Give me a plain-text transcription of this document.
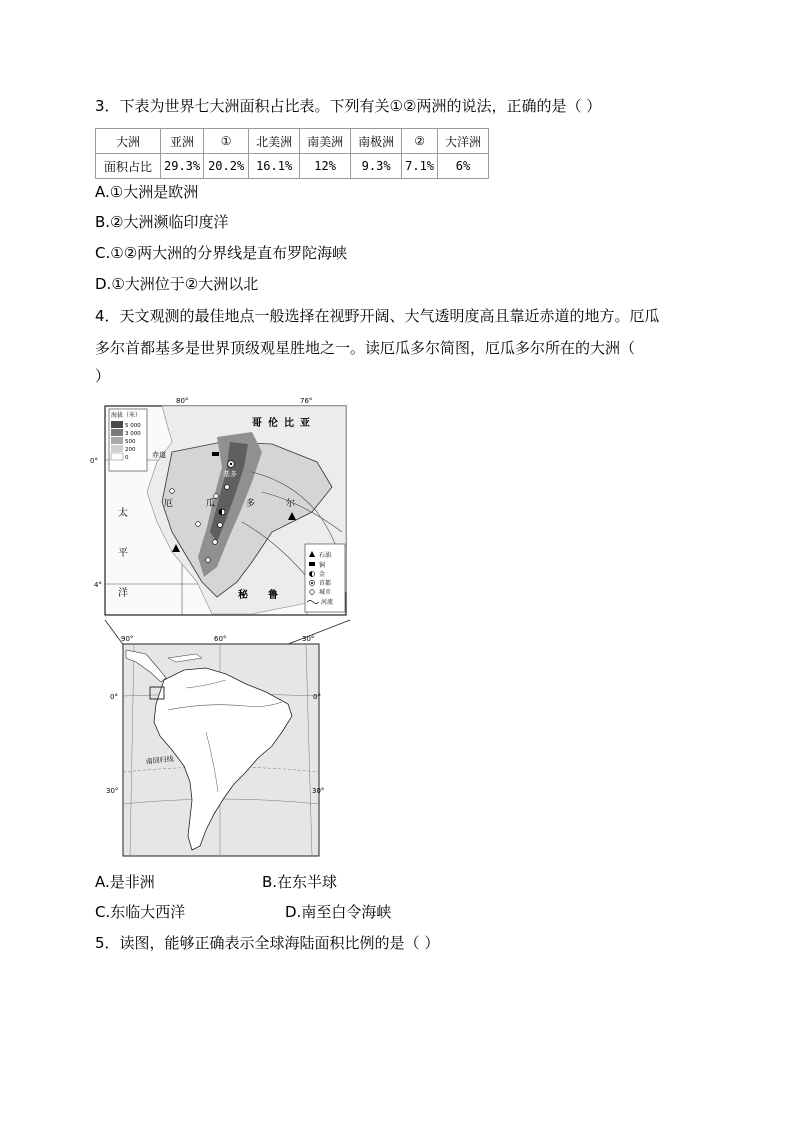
3．下表为世界七大洲面积占比表。下列有关①②两洲的说法，正确的是（ ）
大洲	亚洲	①	北美洲	南美洲	南极洲	②	大洋洲
面积占比	29.3%	20.2%	16.1%	12%	9.3%	7.1%	6%
A.①大洲是欧洲
B.②大洲濒临印度洋
C.①②两大洲的分界线是直布罗陀海峡
D.①大洲位于②大洲以北
4．天文观测的最佳地点一般选择在视野开阔、大气透明度高且靠近赤道的地方。厄瓜
多尔首都基多是世界顶级观星胜地之一。读厄瓜多尔简图，厄瓜多尔所在的大洲（
）
海拔（米）
5 000
3 000
500
200
0
80°	76°
0°
4°
赤道
哥 伦 比 亚
厄	瓜	多	尔
太
平
洋	秘 鲁
基多
石油
铜
金
首都
城市
河流
90°	60°	30°
0°	0°
30°	30°
南回归线
A.是非洲	B.在东半球
C.东临大西洋	D.南至白令海峡
5．读图，能够正确表示全球海陆面积比例的是（ ）
